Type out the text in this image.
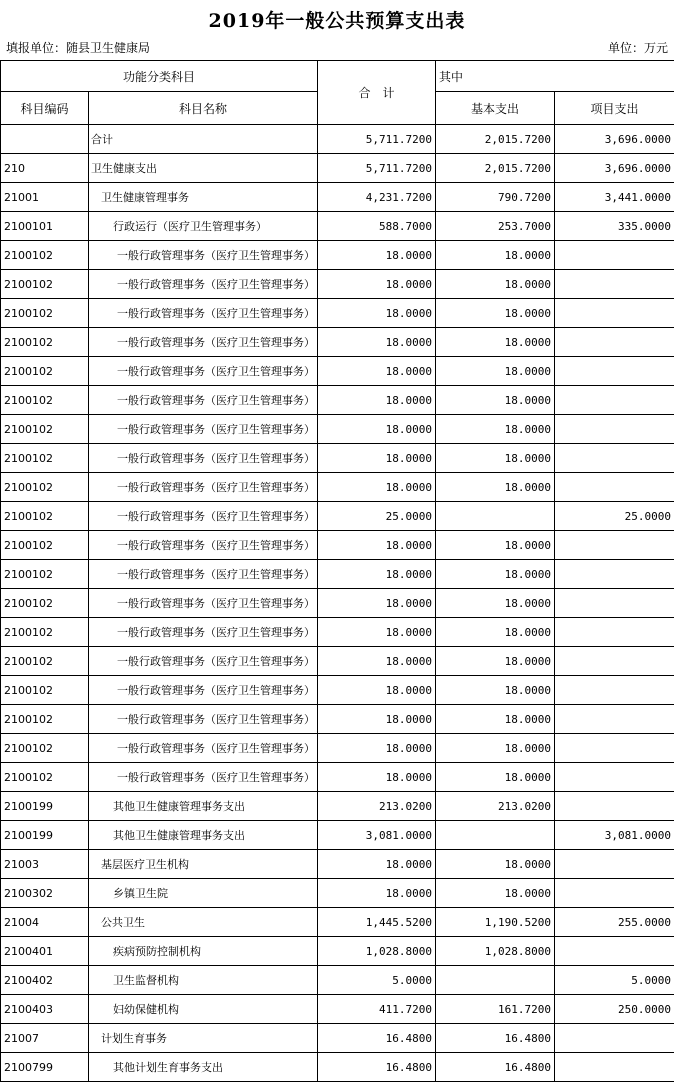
2019年一般公共预算支出表
填报单位：随县卫生健康局	单位：万元
功能分类科目		合　计	其中	
科目编码	科目名称		基本支出	项目支出
	合计	5,711.7200	2,015.7200	3,696.0000
210	卫生健康支出	5,711.7200	2,015.7200	3,696.0000
21001	卫生健康管理事务	4,231.7200	790.7200	3,441.0000
2100101	行政运行（医疗卫生管理事务）	588.7000	253.7000	335.0000
2100102	一般行政管理事务（医疗卫生管理事务）	18.0000	18.0000	
2100102	一般行政管理事务（医疗卫生管理事务）	18.0000	18.0000	
2100102	一般行政管理事务（医疗卫生管理事务）	18.0000	18.0000	
2100102	一般行政管理事务（医疗卫生管理事务）	18.0000	18.0000	
2100102	一般行政管理事务（医疗卫生管理事务）	18.0000	18.0000	
2100102	一般行政管理事务（医疗卫生管理事务）	18.0000	18.0000	
2100102	一般行政管理事务（医疗卫生管理事务）	18.0000	18.0000	
2100102	一般行政管理事务（医疗卫生管理事务）	18.0000	18.0000	
2100102	一般行政管理事务（医疗卫生管理事务）	18.0000	18.0000	
2100102	一般行政管理事务（医疗卫生管理事务）	25.0000		25.0000
2100102	一般行政管理事务（医疗卫生管理事务）	18.0000	18.0000	
2100102	一般行政管理事务（医疗卫生管理事务）	18.0000	18.0000	
2100102	一般行政管理事务（医疗卫生管理事务）	18.0000	18.0000	
2100102	一般行政管理事务（医疗卫生管理事务）	18.0000	18.0000	
2100102	一般行政管理事务（医疗卫生管理事务）	18.0000	18.0000	
2100102	一般行政管理事务（医疗卫生管理事务）	18.0000	18.0000	
2100102	一般行政管理事务（医疗卫生管理事务）	18.0000	18.0000	
2100102	一般行政管理事务（医疗卫生管理事务）	18.0000	18.0000	
2100102	一般行政管理事务（医疗卫生管理事务）	18.0000	18.0000	
2100199	其他卫生健康管理事务支出	213.0200	213.0200	
2100199	其他卫生健康管理事务支出	3,081.0000		3,081.0000
21003	基层医疗卫生机构	18.0000	18.0000	
2100302	乡镇卫生院	18.0000	18.0000	
21004	公共卫生	1,445.5200	1,190.5200	255.0000
2100401	疾病预防控制机构	1,028.8000	1,028.8000	
2100402	卫生监督机构	5.0000		5.0000
2100403	妇幼保健机构	411.7200	161.7200	250.0000
21007	计划生育事务	16.4800	16.4800	
2100799	其他计划生育事务支出	16.4800	16.4800	
